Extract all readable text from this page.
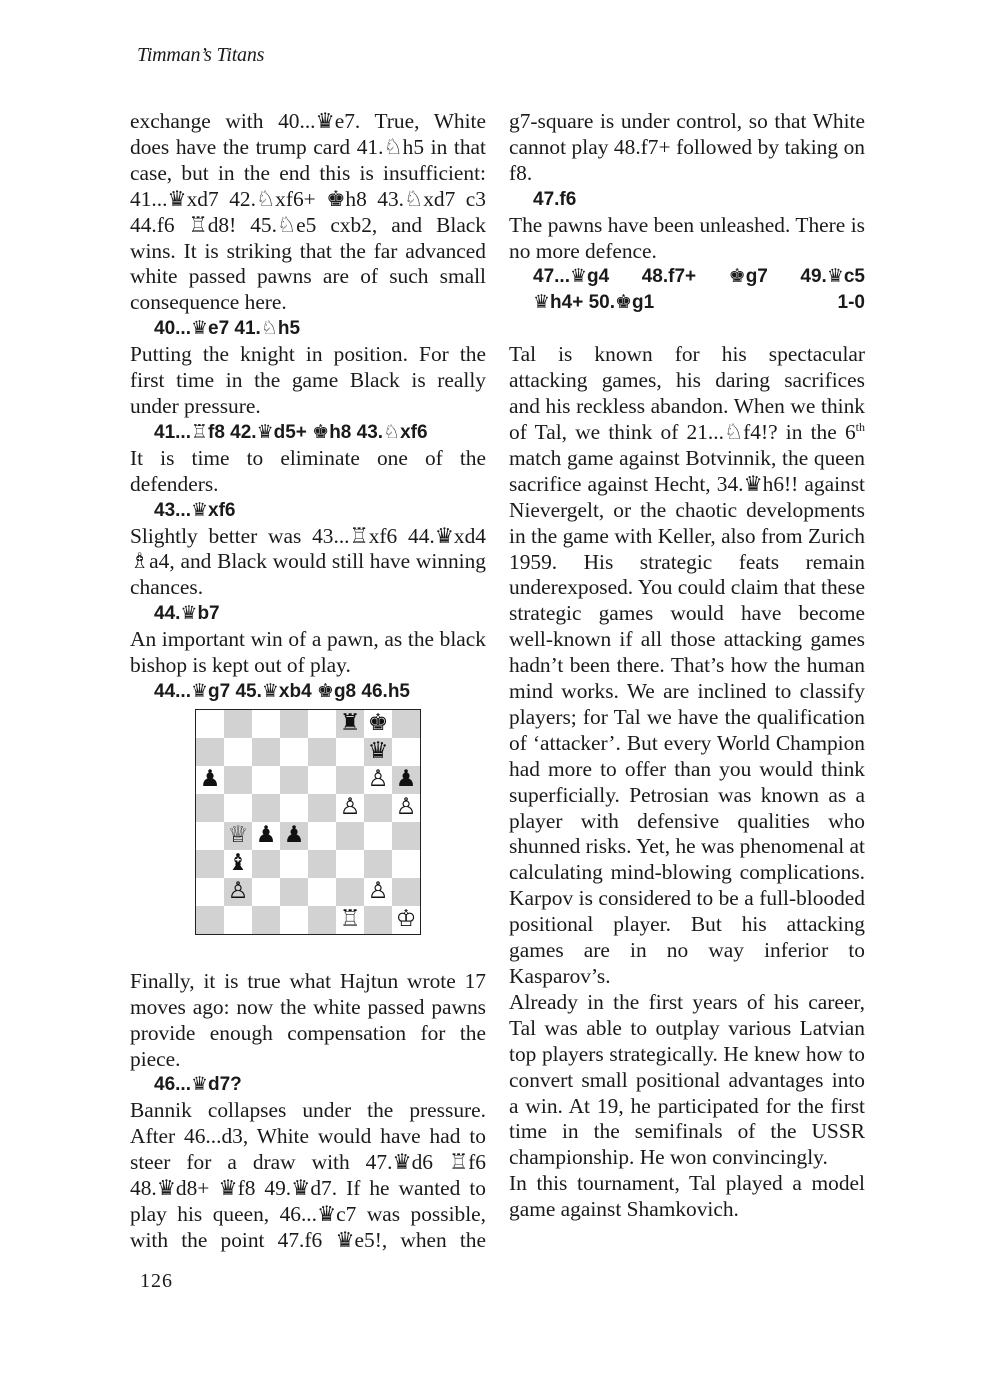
Timman’s Titans

exchange with 40...♛e7. True, White does have the trump card 41.♘h5 in that case, but in the end this is insufficient: 41...♛xd7 42.♘xf6+ ♚h8 43.♘xd7 c3 44.f6 ♖d8! 45.♘e5 cxb2, and Black wins. It is striking that the far advanced white passed pawns are of such small consequence here.

40...♛e7 41.♘h5

Putting the knight in position. For the first time in the game Black is really under pressure.

41...♖f8 42.♛d5+ ♚h8 43.♘xf6

It is time to eliminate one of the defenders.

43...♛xf6

Slightly better was 43...♖xf6 44.♛xd4 ♗a4, and Black would still have winning chances.

44.♛b7

An important win of a pawn, as the black bishop is kept out of play.

44...♛g7 45.♛xb4 ♚g8 46.h5

♜ ♚
♛
♟	♙ ♟
♙ ♙
♕ ♟ ♟
♝
♙	♙
♖ ♔

Finally, it is true what Hajtun wrote 17 moves ago: now the white passed pawns provide enough compensation for the piece.

46...♛d7?

Bannik collapses under the pressure. After 46...d3, White would have had to steer for a draw with 47.♛d6 ♖f6 48.♛d8+ ♛f8 49.♛d7. If he wanted to play his queen, 46...♛c7 was possible, with the point 47.f6 ♛e5!, when the

g7-square is under control, so that White cannot play 48.f7+ followed by taking on f8.

47.f6

The pawns have been unleashed. There is no more defence.

47...♛g4 48.f7+ ♚g7 49.♛c5
♛h4+ 50.♚g1	1-0

Tal is known for his spectacular attacking games, his daring sacrifices and his reckless abandon. When we think of Tal, we think of 21...♘f4!? in the 6th match game against Botvinnik, the queen sacrifice against Hecht, 34.♛h6!! against Nievergelt, or the chaotic developments in the game with Keller, also from Zurich 1959. His strategic feats remain underexposed. You could claim that these strategic games would have become well-known if all those attacking games hadn’t been there. That’s how the human mind works. We are inclined to classify players; for Tal we have the qualification of ‘attacker’. But every World Champion had more to offer than you would think superficially. Petrosian was known as a player with defensive qualities who shunned risks. Yet, he was phenomenal at calculating mind-blowing complications. Karpov is considered to be a full-blooded positional player. But his attacking games are in no way inferior to Kasparov’s.

Already in the first years of his career, Tal was able to outplay various Latvian top players strategically. He knew how to convert small positional advantages into a win. At 19, he participated for the first time in the semifinals of the USSR championship. He won convincingly.

In this tournament, Tal played a model game against Shamkovich.

126
